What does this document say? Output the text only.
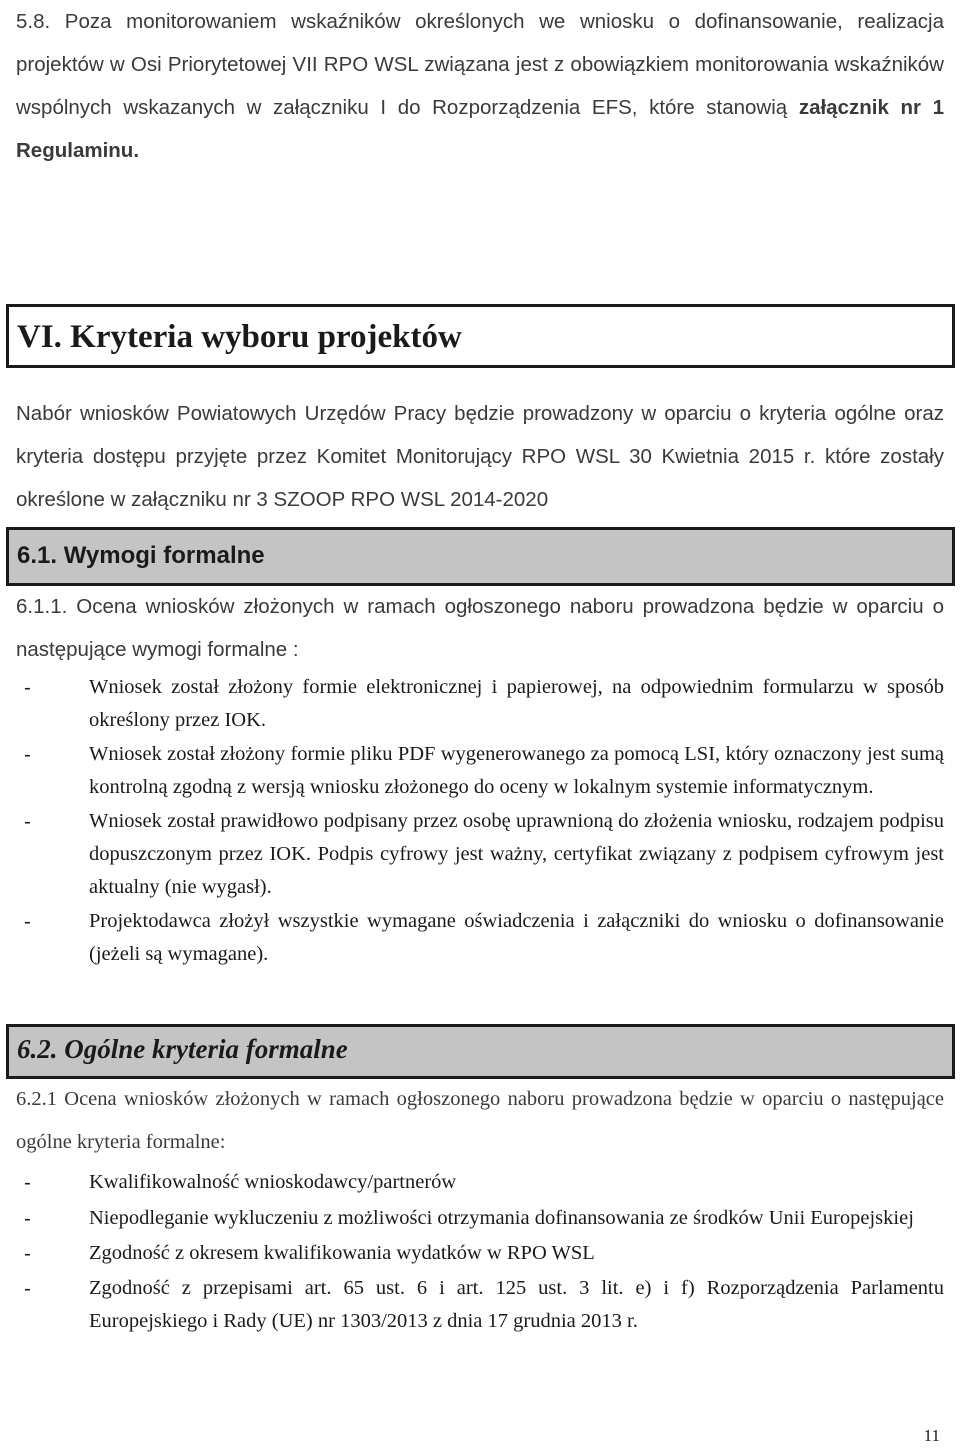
5.8. Poza monitorowaniem wskaźników określonych we wniosku o dofinansowanie, realizacja projektów w Osi Priorytetowej VII RPO WSL związana jest z obowiązkiem monitorowania wskaźników wspólnych wskazanych w załączniku I do Rozporządzenia EFS, które stanowią załącznik nr 1 Regulaminu.
VI. Kryteria wyboru projektów
Nabór wniosków Powiatowych Urzędów Pracy będzie prowadzony w oparciu o kryteria ogólne oraz kryteria dostępu przyjęte przez Komitet Monitorujący RPO WSL 30 Kwietnia 2015 r. które zostały określone w załączniku nr 3 SZOOP RPO WSL 2014-2020
6.1. Wymogi formalne
6.1.1. Ocena wniosków złożonych w ramach ogłoszonego naboru prowadzona będzie w oparciu o następujące wymogi formalne :
-	Wniosek został złożony formie elektronicznej i papierowej, na odpowiednim formularzu w sposób określony przez IOK.
-	Wniosek został złożony formie pliku PDF wygenerowanego za pomocą LSI, który oznaczony jest sumą kontrolną zgodną z wersją wniosku złożonego do oceny w lokalnym systemie informatycznym.
-	Wniosek został prawidłowo podpisany przez osobę uprawnioną do złożenia wniosku, rodzajem podpisu dopuszczonym przez IOK. Podpis cyfrowy jest ważny, certyfikat związany z podpisem cyfrowym jest aktualny (nie wygasł).
-	Projektodawca złożył wszystkie wymagane oświadczenia i załączniki do wniosku o dofinansowanie (jeżeli są wymagane).
6.2. Ogólne kryteria formalne
6.2.1 Ocena wniosków złożonych w ramach ogłoszonego naboru prowadzona będzie w oparciu o następujące ogólne kryteria formalne:
-	Kwalifikowalność wnioskodawcy/partnerów
-	Niepodleganie wykluczeniu z możliwości otrzymania dofinansowania ze środków Unii Europejskiej
-	Zgodność z okresem kwalifikowania wydatków w RPO WSL
-	Zgodność z przepisami art. 65 ust. 6 i art. 125 ust. 3 lit. e) i f) Rozporządzenia Parlamentu Europejskiego i Rady (UE) nr 1303/2013 z dnia 17 grudnia 2013 r.
11
